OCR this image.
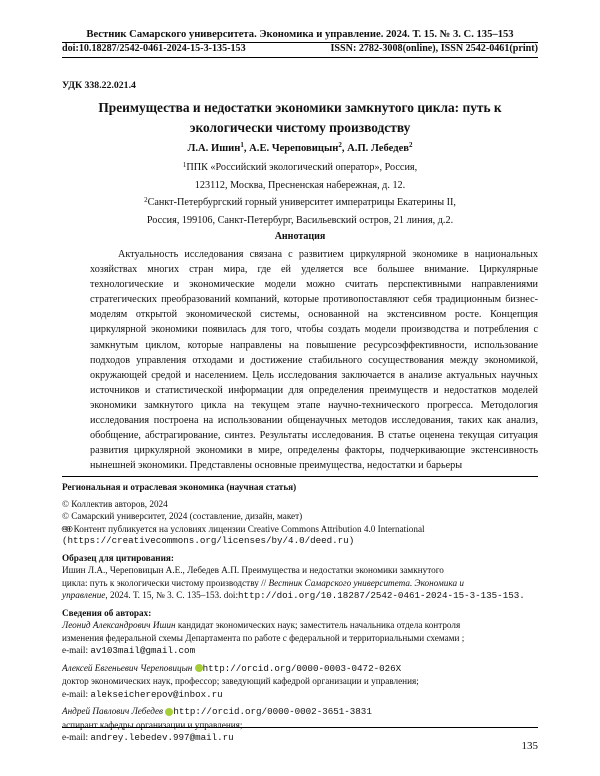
Вестник Самарского университета. Экономика и управление. 2024. Т. 15. № 3. С. 135–153
doi:10.18287/2542-0461-2024-15-3-135-153	ISSN: 2782-3008(online), ISSN 2542-0461(print)
УДК 338.22.021.4
Преимущества и недостатки экономики замкнутого цикла: путь к
экологически чистому производству
Л.А. Ишин$^1$, А.Е. Череповицын$^2$, А.П. Лебедев$^2$
$^1$ППК «Российский экологический оператор», Россия,
123112, Москва, Пресненская набережная, д. 12.
$^2$Санкт-Петербургский горный университет императрицы Екатерины II,
Россия, 199106, Санкт-Петербург, Васильевский остров, 21 линия, д.2.
Аннотация

Актуальность исследования связана с развитием циркулярной экономике в национальных хозяйствах многих стран мира, где ей уделяется все большее внимание. Циркулярные технологические и экономические модели можно считать перспективными направлениями стратегических преобразований компаний, которые противопоставляют себя традиционным бизнес-моделям открытой экономической системы, основанной на экстенсивном росте. Концепция циркулярной экономики появилась для того, чтобы создать модели производства и потребления с замкнутым циклом, которые направлены на повышение ресурсоэффективности, использование подходов управления отходами и достижение стабильного сосуществования между экономикой, окружающей средой и населением. Цель исследования заключается в анализе актуальных научных источников и статистической информации для определения преимуществ и недостатков моделей экономики замкнутого цикла на текущем этапе научно-технического прогресса. Методология исследования построена на использовании общенаучных методов исследования, таких как анализ, обобщение, абстрагирование, синтез. Результаты исследования. В статье оценена текущая ситуация развития циркулярной экономики в мире, определены факторы, подчеркивающие экстенсивность нынешней экономики. Представлены основные преимущества, недостатки и барьеры

Региональная и отраслевая экономика (научная статья)
© Коллектив авторов, 2024
© Самарский университет, 2024 (составление, дизайн, макет)
🅭🅯 Контент публикуется на условиях лицензии Creative Commons Attribution 4.0 International
(https://creativecommons.org/licenses/by/4.0/deed.ru)
Образец для цитирования:
Ишин Л.А., Череповицын А.Е., Лебедев А.П. Преимущества и недостатки экономики замкнутого
цикла: путь к экологически чистому производству // Вестник Самарского университета. Экономика и
управление, 2024. Т. 15, № 3. С. 135–153. doi:http://doi.org/10.18287/2542-0461-2024-15-3-135-153.
Сведения об авторах:
Леонид Александрович Ишин кандидат экономических наук; заместитель начальника отдела контроля
изменения федеральной схемы Департамента по работе с федеральной и территориальными схемами ;
e-mail: av103mail@gmail.com
Алексей Евгеньевич Череповицын http://orcid.org/0000-0003-0472-026X
доктор экономических наук, профессор; заведующий кафедрой организации и управления;
e-mail: alekseicherepov@inbox.ru
Андрей Павлович Лебедев http://orcid.org/0000-0002-3651-3831
аспирант кафедры организации и управления;
e-mail: andrey.lebedev.997@mail.ru
135
